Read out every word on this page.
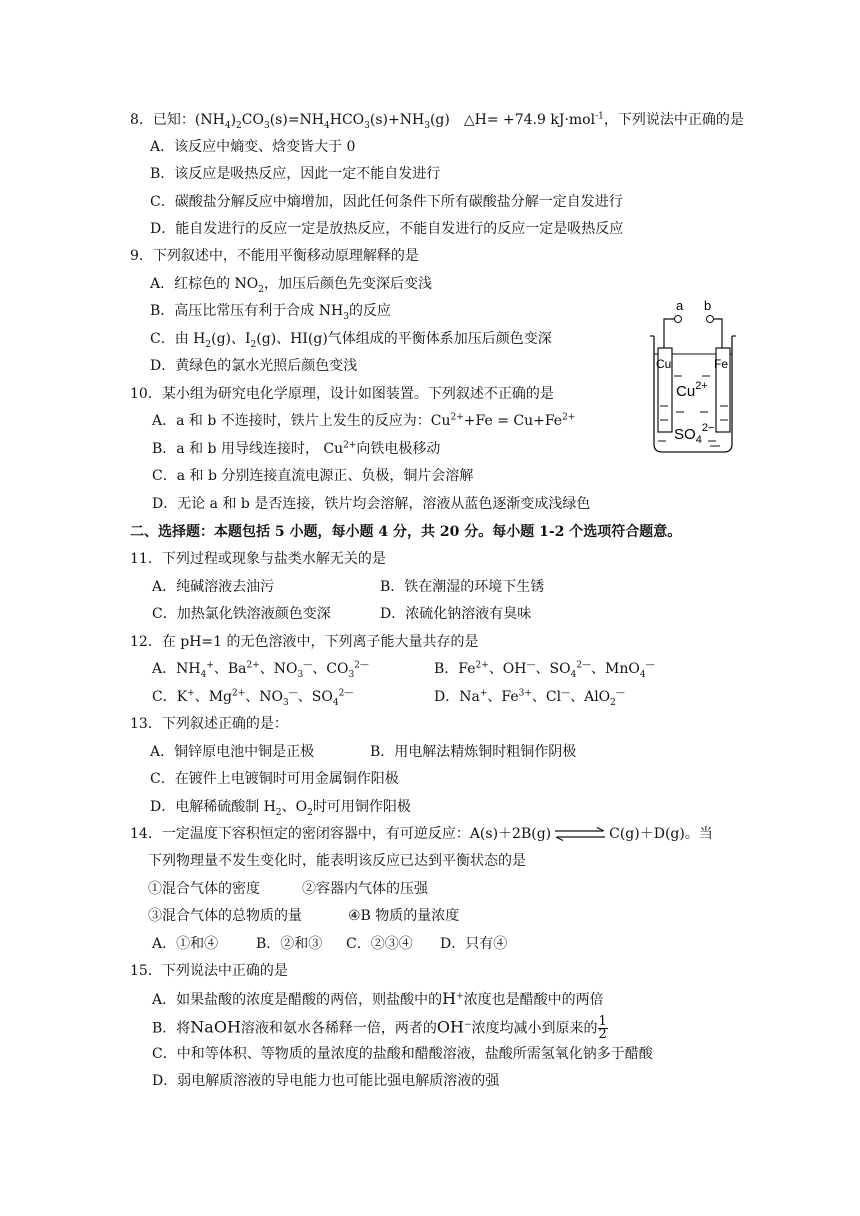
8．已知：$(NH_4)_2CO_3(s)=NH_4HCO_3(s)+NH_3(g)$　△H= +74.9 kJ·mol$^{-1}$，下列说法中正确的是
A．该反应中熵变、焓变皆大于 0
B．该反应是吸热反应，因此一定不能自发进行
C．碳酸盐分解反应中熵增加，因此任何条件下所有碳酸盐分解一定自发进行
D．能自发进行的反应一定是放热反应，不能自发进行的反应一定是吸热反应
9．下列叙述中，不能用平衡移动原理解释的是
A．红棕色的 $NO_2$，加压后颜色先变深后变浅
B．高压比常压有利于合成 $NH_3$的反应
C．由 $H_2(g)$、$I_2(g)$、HI(g)气体组成的平衡体系加压后颜色变深
D．黄绿色的氯水光照后颜色变浅
10．某小组为研究电化学原理，设计如图装置。下列叙述不正确的是
A．a 和 b 不连接时，铁片上发生的反应为：$Cu^{2+}+Fe = Cu+Fe^{2+}$
B．a 和 b 用导线连接时， $Cu^{2+}$向铁电极移动
C．a 和 b 分别连接直流电源正、负极，铜片会溶解
D．无论 a 和 b 是否连接，铁片均会溶解，溶液从蓝色逐渐变成浅绿色
a b
Cu	Fe
$Cu^{2+}$
$SO_4^{2-}$
二、选择题：本题包括 5 小题，每小题 4 分，共 20 分。每小题 1-2 个选项符合题意。
11．下列过程或现象与盐类水解无关的是
A．纯碱溶液去油污	B．铁在潮湿的环境下生锈
C．加热氯化铁溶液颜色变深	D．浓硫化钠溶液有臭味
12．在 pH=1 的无色溶液中，下列离子能大量共存的是
A．$NH_4^+$、$Ba^{2+}$、$NO_3^—$、$CO_3^{2—}$	B．$Fe^{2+}$、OH—、$SO_4^{2—}$、MnO$_4$—
C．K+、$Mg^{2+}$、$NO_3^—$、$SO_4^{2—}$	D．Na+、$Fe^{3+}$、Cl—、AlO$_2$—
13．下列叙述正确的是：
A．铜锌原电池中铜是正极	B．用电解法精炼铜时粗铜作阴极
C．在镀件上电镀铜时可用金属铜作阳极
D．电解稀硫酸制 $H_2$、$O_2$时可用铜作阳极
14．一定温度下容积恒定的密闭容器中，有可逆反应：A(s)＋2B(g) ⇌ C(g)＋D(g)。当
下列物理量不发生变化时，能表明该反应已达到平衡状态的是
①混合气体的密度	②容器内气体的压强
③混合气体的总物质的量	④B 物质的量浓度
A．①和④	B．②和③ C．②③④ D．只有④
15．下列说法中正确的是
A．如果盐酸的浓度是醋酸的两倍，则盐酸中的H+浓度也是醋酸中的两倍
B．将NaOH溶液和氨水各稀释一倍，两者的OH−浓度均减小到原来的 $\frac{1}{2}$
C．中和等体积、等物质的量浓度的盐酸和醋酸溶液，盐酸所需氢氧化钠多于醋酸
D．弱电解质溶液的导电能力也可能比强电解质溶液的强
